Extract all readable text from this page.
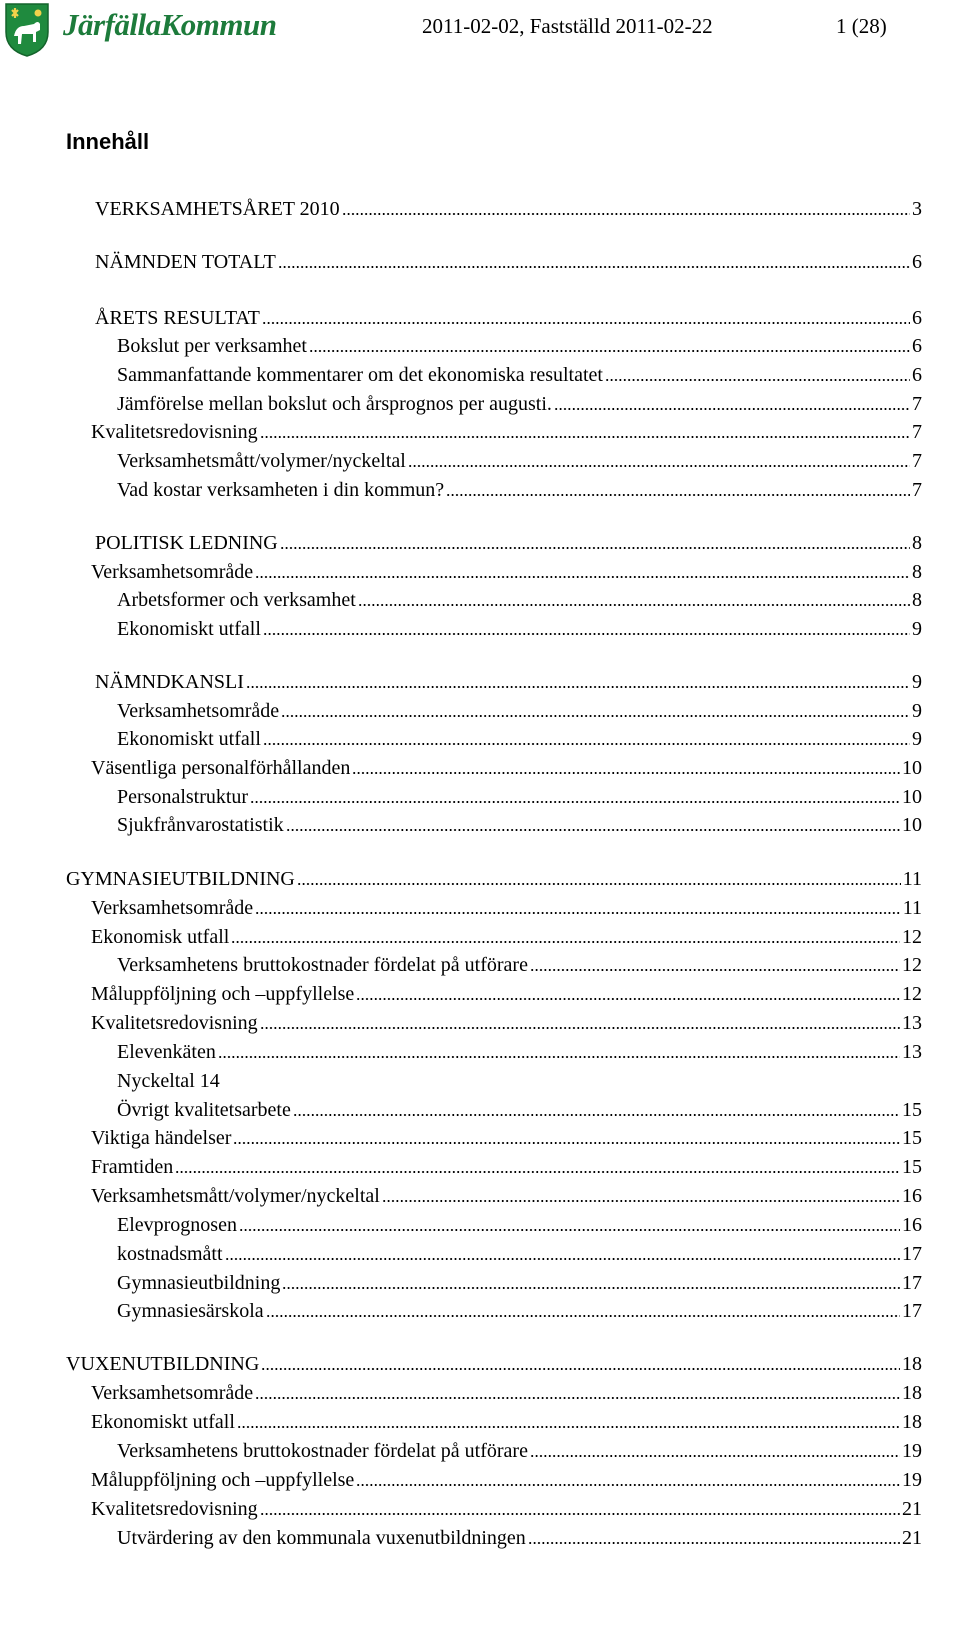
JärfällaKommun	2011-02-02, Fastställd 2011-02-22	1 (28)
Innehåll
VERKSAMHETSÅRET 2010	3
NÄMNDEN TOTALT	6
ÅRETS RESULTAT	6
Bokslut per verksamhet	6
Sammanfattande kommentarer om det ekonomiska resultatet	6
Jämförelse mellan bokslut och årsprognos per augusti.	7
Kvalitetsredovisning	7
Verksamhetsmått/volymer/nyckeltal	7
Vad kostar verksamheten i din kommun?	7
POLITISK LEDNING	8
Verksamhetsområde	8
Arbetsformer och verksamhet	8
Ekonomiskt utfall	9
NÄMNDKANSLI	9
Verksamhetsområde	9
Ekonomiskt utfall	9
Väsentliga personalförhållanden	10
Personalstruktur	10
Sjukfrånvarostatistik	10
GYMNASIEUTBILDNING	11
Verksamhetsområde	11
Ekonomisk utfall	12
Verksamhetens bruttokostnader fördelat på utförare	12
Måluppföljning och –uppfyllelse	12
Kvalitetsredovisning	13
Elevenkäten	13
Nyckeltal 14
Övrigt kvalitetsarbete	15
Viktiga händelser	15
Framtiden	15
Verksamhetsmått/volymer/nyckeltal	16
Elevprognosen	16
kostnadsmått	17
Gymnasieutbildning	17
Gymnasiesärskola	17
VUXENUTBILDNING	18
Verksamhetsområde	18
Ekonomiskt utfall	18
Verksamhetens bruttokostnader fördelat på utförare	19
Måluppföljning och –uppfyllelse	19
Kvalitetsredovisning	21
Utvärdering av den kommunala vuxenutbildningen	21
